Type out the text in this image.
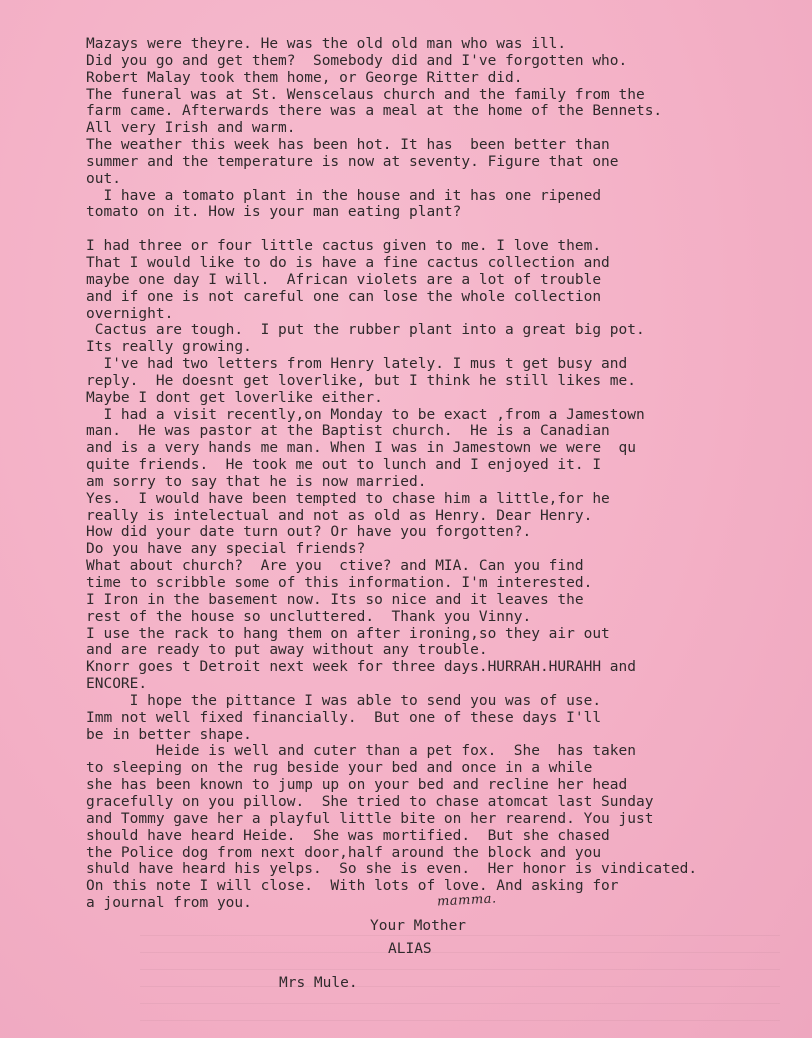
Mazays were theyre. He was the old old man who was ill.
Did you go and get them?  Somebody did and I've forgotten who.
Robert Malay took them home, or George Ritter did.
The funeral was at St. Wenscelaus church and the family from the
farm came. Afterwards there was a meal at the home of the Bennets.
All very Irish and warm.
The weather this week has been hot. It has  been better than
summer and the temperature is now at seventy. Figure that one
out.
I have a tomato plant in the house and it has one ripened
tomato on it. How is your man eating plant?
I had three or four little cactus given to me. I love them.
That I would like to do is have a fine cactus collection and
maybe one day I will.  African violets are a lot of trouble
and if one is not careful one can lose the whole collection
overnight.
Cactus are tough.  I put the rubber plant into a great big pot.
Its really growing.
I've had two letters from Henry lately. I mus t get busy and
reply.  He doesnt get loverlike, but I think he still likes me.
Maybe I dont get loverlike either.
I had a visit recently,on Monday to be exact ,from a Jamestown
man.  He was pastor at the Baptist church.  He is a Canadian
and is a very hands me man. When I was in Jamestown we were  qu
quite friends.  He took me out to lunch and I enjoyed it. I
am sorry to say that he is now married.
Yes.  I would have been tempted to chase him a little,for he
really is intelectual and not as old as Henry. Dear Henry.
How did your date turn out? Or have you forgotten?.
Do you have any special friends?
What about church?  Are you  ctive? and MIA. Can you find
time to scribble some of this information. I'm interested.
I Iron in the basement now. Its so nice and it leaves the
rest of the house so uncluttered.  Thank you Vinny.
I use the rack to hang them on after ironing,so they air out
and are ready to put away without any trouble.
Knorr goes t Detroit next week for three days.HURRAH.HURAHH and
ENCORE.
I hope the pittance I was able to send you was of use.
Imm not well fixed financially.  But one of these days I'll
be in better shape.
Heide is well and cuter than a pet fox.  She  has taken
to sleeping on the rug beside your bed and once in a while
she has been known to jump up on your bed and recline her head
gracefully on you pillow.  She tried to chase atomcat last Sunday
and Tommy gave her a playful little bite on her rearend. You just
should have heard Heide.  She was mortified.  But she chased
the Police dog from next door,half around the block and you
shuld have heard his yelps.  So she is even.  Her honor is vindicated.
On this note I will close.  With lots of love. And asking for
a journal from you.	mamma.
Your Mother
ALIAS
Mrs Mule.
